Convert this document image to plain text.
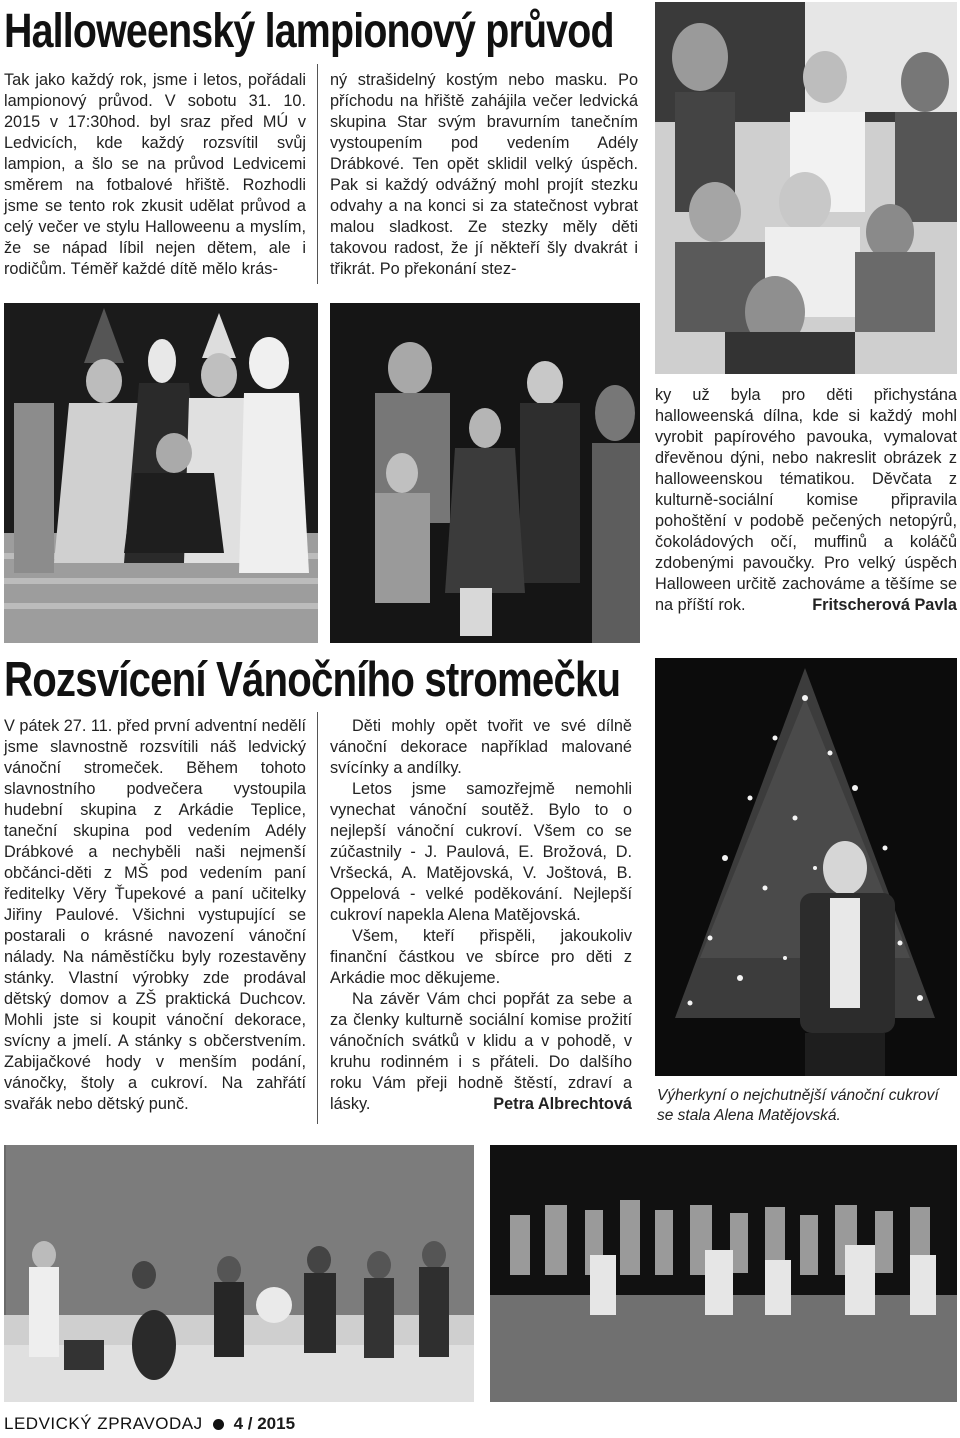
Halloweenský lampionový průvod
Tak jako každý rok, jsme i letos, pořádali lampionový průvod. V sobotu 31. 10. 2015 v 17:30hod. byl sraz před MÚ v Ledvicích, kde každý rozsvítil svůj lampion, a šlo se na průvod Ledvicemi směrem na fotbalové hřiště. Rozhodli jsme se tento rok zkusit udělat průvod a celý večer ve stylu Halloweenu a myslím, že se nápad líbil nejen dětem, ale i rodičům. Téměř každé dítě mělo krás-
ný strašidelný kostým nebo masku. Po příchodu na hřiště zahájila večer ledvická skupina Star svým bravurním tanečním vystoupením pod vedením Adély Drábkové. Ten opět sklidil velký úspěch. Pak si každý odvážný mohl projít stezku odvahy a na konci si za statečnost vybrat malou sladkost. Ze stezky měly děti takovou radost, že jí někteří šly dvakrát i třikrát. Po překonání stez-
ky už byla pro děti přichystána halloweenská dílna, kde si každý mohl vyrobit papírového pavouka, vymalovat dřevěnou dýni, nebo nakreslit obrázek z halloweenskou tématikou. Děvčata z kulturně-sociální komise připravila pohoštění v podobě pečených netopýrů, čokoládových očí, muffinů a koláčů zdobenými pavoučky. Pro velký úspěch Halloween určitě zachováme a těšíme se na příští rok.	Fritscherová Pavla
Rozsvícení Vánočního stromečku
V pátek 27. 11. před první adventní nedělí jsme slavnostně rozsvítili náš ledvický vánoční stromeček. Během tohoto slavnostního podvečera vystoupila hudební skupina z Arkádie Teplice, taneční skupina pod vedením Adély Drábkové a nechyběli naši nejmenší občánci-děti z MŠ pod vedením paní ředitelky Věry Ťupekové a paní učitelky Jiřiny Paulové. Všichni vystupující se postarali o krásné navození vánoční nálady. Na náměstíčku byly rozestavěny stánky. Vlastní výrobky zde prodával dětský domov a ZŠ praktická Duchcov. Mohli jste si koupit vánoční dekorace, svícny a jmelí. A stánky s občerstvením. Zabijačkové hody v menším podání, vánočky, štoly a cukroví. Na zahřátí svařák nebo dětský punč.

Děti mohly opět tvořit ve své dílně vánoční dekorace například malované svícínky a andílky.

Letos jsme samozřejmě nemohli vynechat vánoční soutěž. Bylo to o nejlepší vánoční cukroví. Všem co se zúčastnily - J. Paulová, E. Brožová, D. Vršecká, A. Matějovská, V. Joštová, B. Oppelová - velké poděkování. Nejlepší cukroví napekla Alena Matějovská.

Všem, kteří přispěli, jakoukoliv finanční částkou ve sbírce pro děti z Arkádie moc děkujeme.

Na závěr Vám chci popřát za sebe a za členky kulturně sociální komise prožití vánočních svátků v klidu a v pohodě, v kruhu rodinném i s přáteli. Do dalšího roku Vám přeji hodně štěstí, zdraví a lásky.	Petra Albrechtová Výherkyní o nejchutnější vánoční cukroví se stala Alena Matějovská.
LEDVICKÝ ZPRAVODAJ 4 / 2015
